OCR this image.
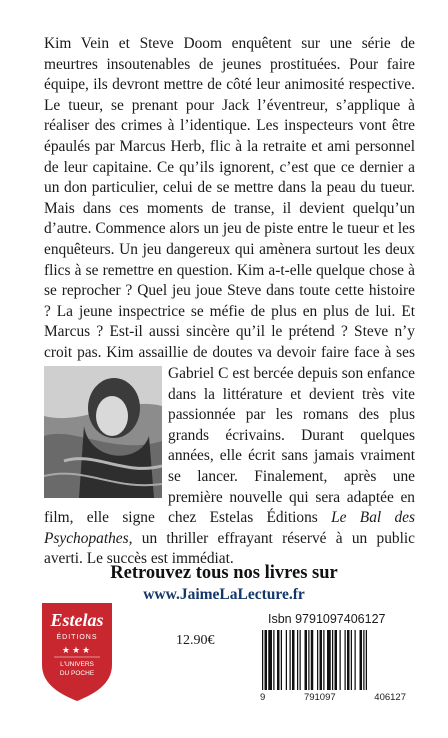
Kim Vein et Steve Doom enquêtent sur une série de meurtres insoutenables de jeunes prostituées. Pour faire équipe, ils devront mettre de côté leur animosité respective. Le tueur, se prenant pour Jack l’éventreur, s’applique à réaliser des crimes à l’identique. Les inspecteurs vont être épaulés par Marcus Herb, flic à la retraite et ami personnel de leur capitaine. Ce qu’ils ignorent, c’est que ce dernier a un don particulier, celui de se mettre dans la peau du tueur. Mais dans ces moments de transe, il devient quelqu’un d’autre. Commence alors un jeu de piste entre le tueur et les enquêteurs. Un jeu dangereux qui amènera surtout les deux flics à se remettre en question. Kim a-t-elle quelque chose à se reprocher ? Quel jeu joue Steve dans toute cette histoire ? La jeune inspectrice se méfie de plus en plus de lui. Et Marcus ? Est-il aussi sincère qu’il le prétend ? Steve n’y croit pas. Kim assaillie de doutes va devoir faire face à ses

Gabriel C est bercée depuis son enfance dans la littérature et devient très vite passionnée par les romans des plus grands écrivains. Durant quelques années, elle écrit sans jamais vraiment se lancer. Finalement, après une première nouvelle qui sera adaptée en film, elle signe chez Estelas Éditions Le Bal des Psychopathes, un thriller effrayant réservé à un public averti. Le succès est immédiat.
Retrouvez tous nos livres sur
www.JaimeLaLecture.fr
Estelas
ÉDITIONS
★★★
L'UNIVERS
DU POCHE
12.90€
Isbn 9791097406127
9	791097	406127
